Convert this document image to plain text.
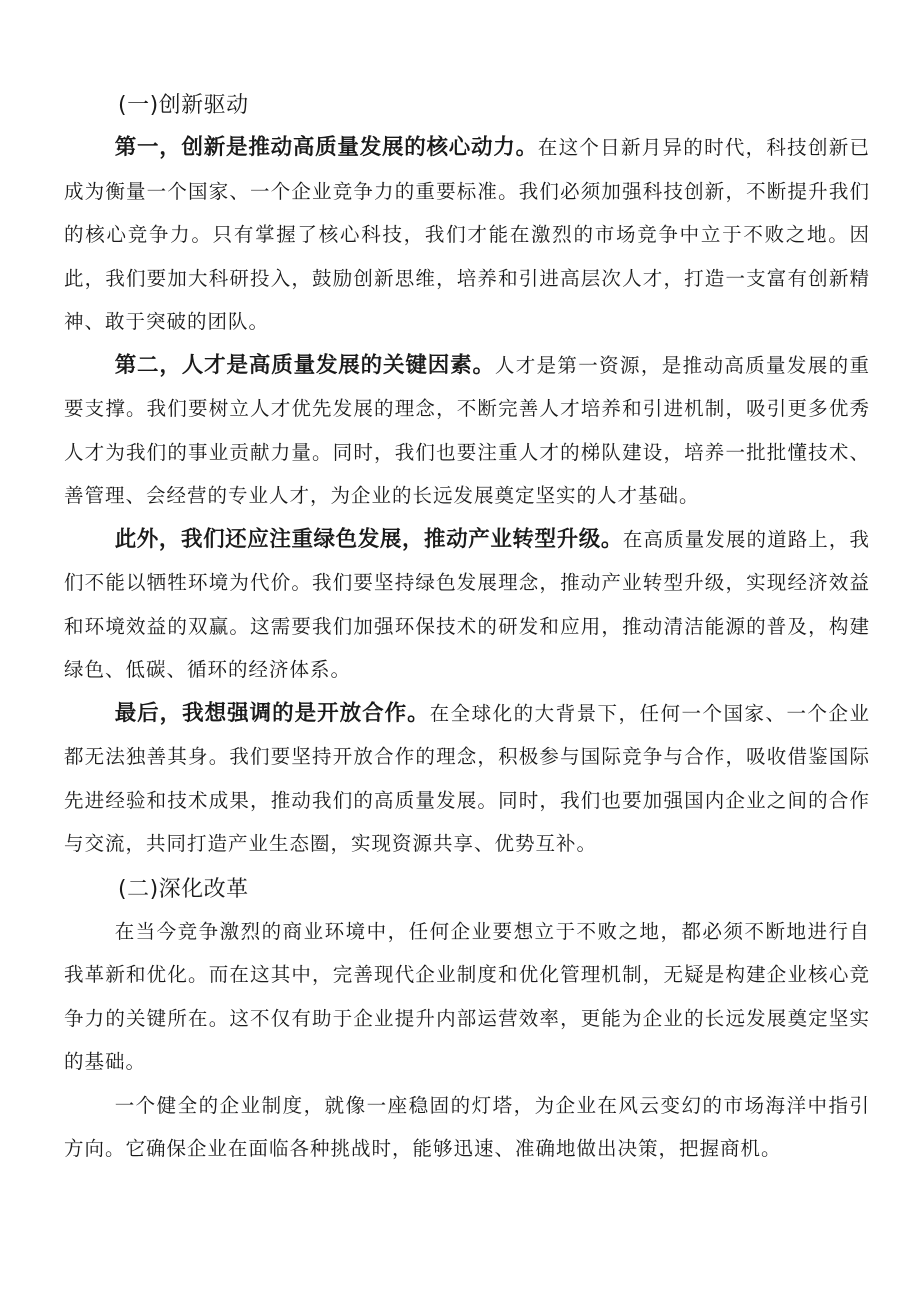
(一)创新驱动

第一，创新是推动高质量发展的核心动力。在这个日新月异的时代，科技创新已成为衡量一个国家、一个企业竞争力的重要标准。我们必须加强科技创新，不断提升我们的核心竞争力。只有掌握了核心科技，我们才能在激烈的市场竞争中立于不败之地。因此，我们要加大科研投入，鼓励创新思维，培养和引进高层次人才，打造一支富有创新精神、敢于突破的团队。

第二，人才是高质量发展的关键因素。人才是第一资源，是推动高质量发展的重要支撑。我们要树立人才优先发展的理念，不断完善人才培养和引进机制，吸引更多优秀人才为我们的事业贡献力量。同时，我们也要注重人才的梯队建设，培养一批批懂技术、善管理、会经营的专业人才，为企业的长远发展奠定坚实的人才基础。

此外，我们还应注重绿色发展，推动产业转型升级。在高质量发展的道路上，我们不能以牺牲环境为代价。我们要坚持绿色发展理念，推动产业转型升级，实现经济效益和环境效益的双赢。这需要我们加强环保技术的研发和应用，推动清洁能源的普及，构建绿色、低碳、循环的经济体系。

最后，我想强调的是开放合作。在全球化的大背景下，任何一个国家、一个企业都无法独善其身。我们要坚持开放合作的理念，积极参与国际竞争与合作，吸收借鉴国际先进经验和技术成果，推动我们的高质量发展。同时，我们也要加强国内企业之间的合作与交流，共同打造产业生态圈，实现资源共享、优势互补。

(二)深化改革

在当今竞争激烈的商业环境中，任何企业要想立于不败之地，都必须不断地进行自我革新和优化。而在这其中，完善现代企业制度和优化管理机制，无疑是构建企业核心竞争力的关键所在。这不仅有助于企业提升内部运营效率，更能为企业的长远发展奠定坚实的基础。

一个健全的企业制度，就像一座稳固的灯塔，为企业在风云变幻的市场海洋中指引方向。它确保企业在面临各种挑战时，能够迅速、准确地做出决策，把握商机。
